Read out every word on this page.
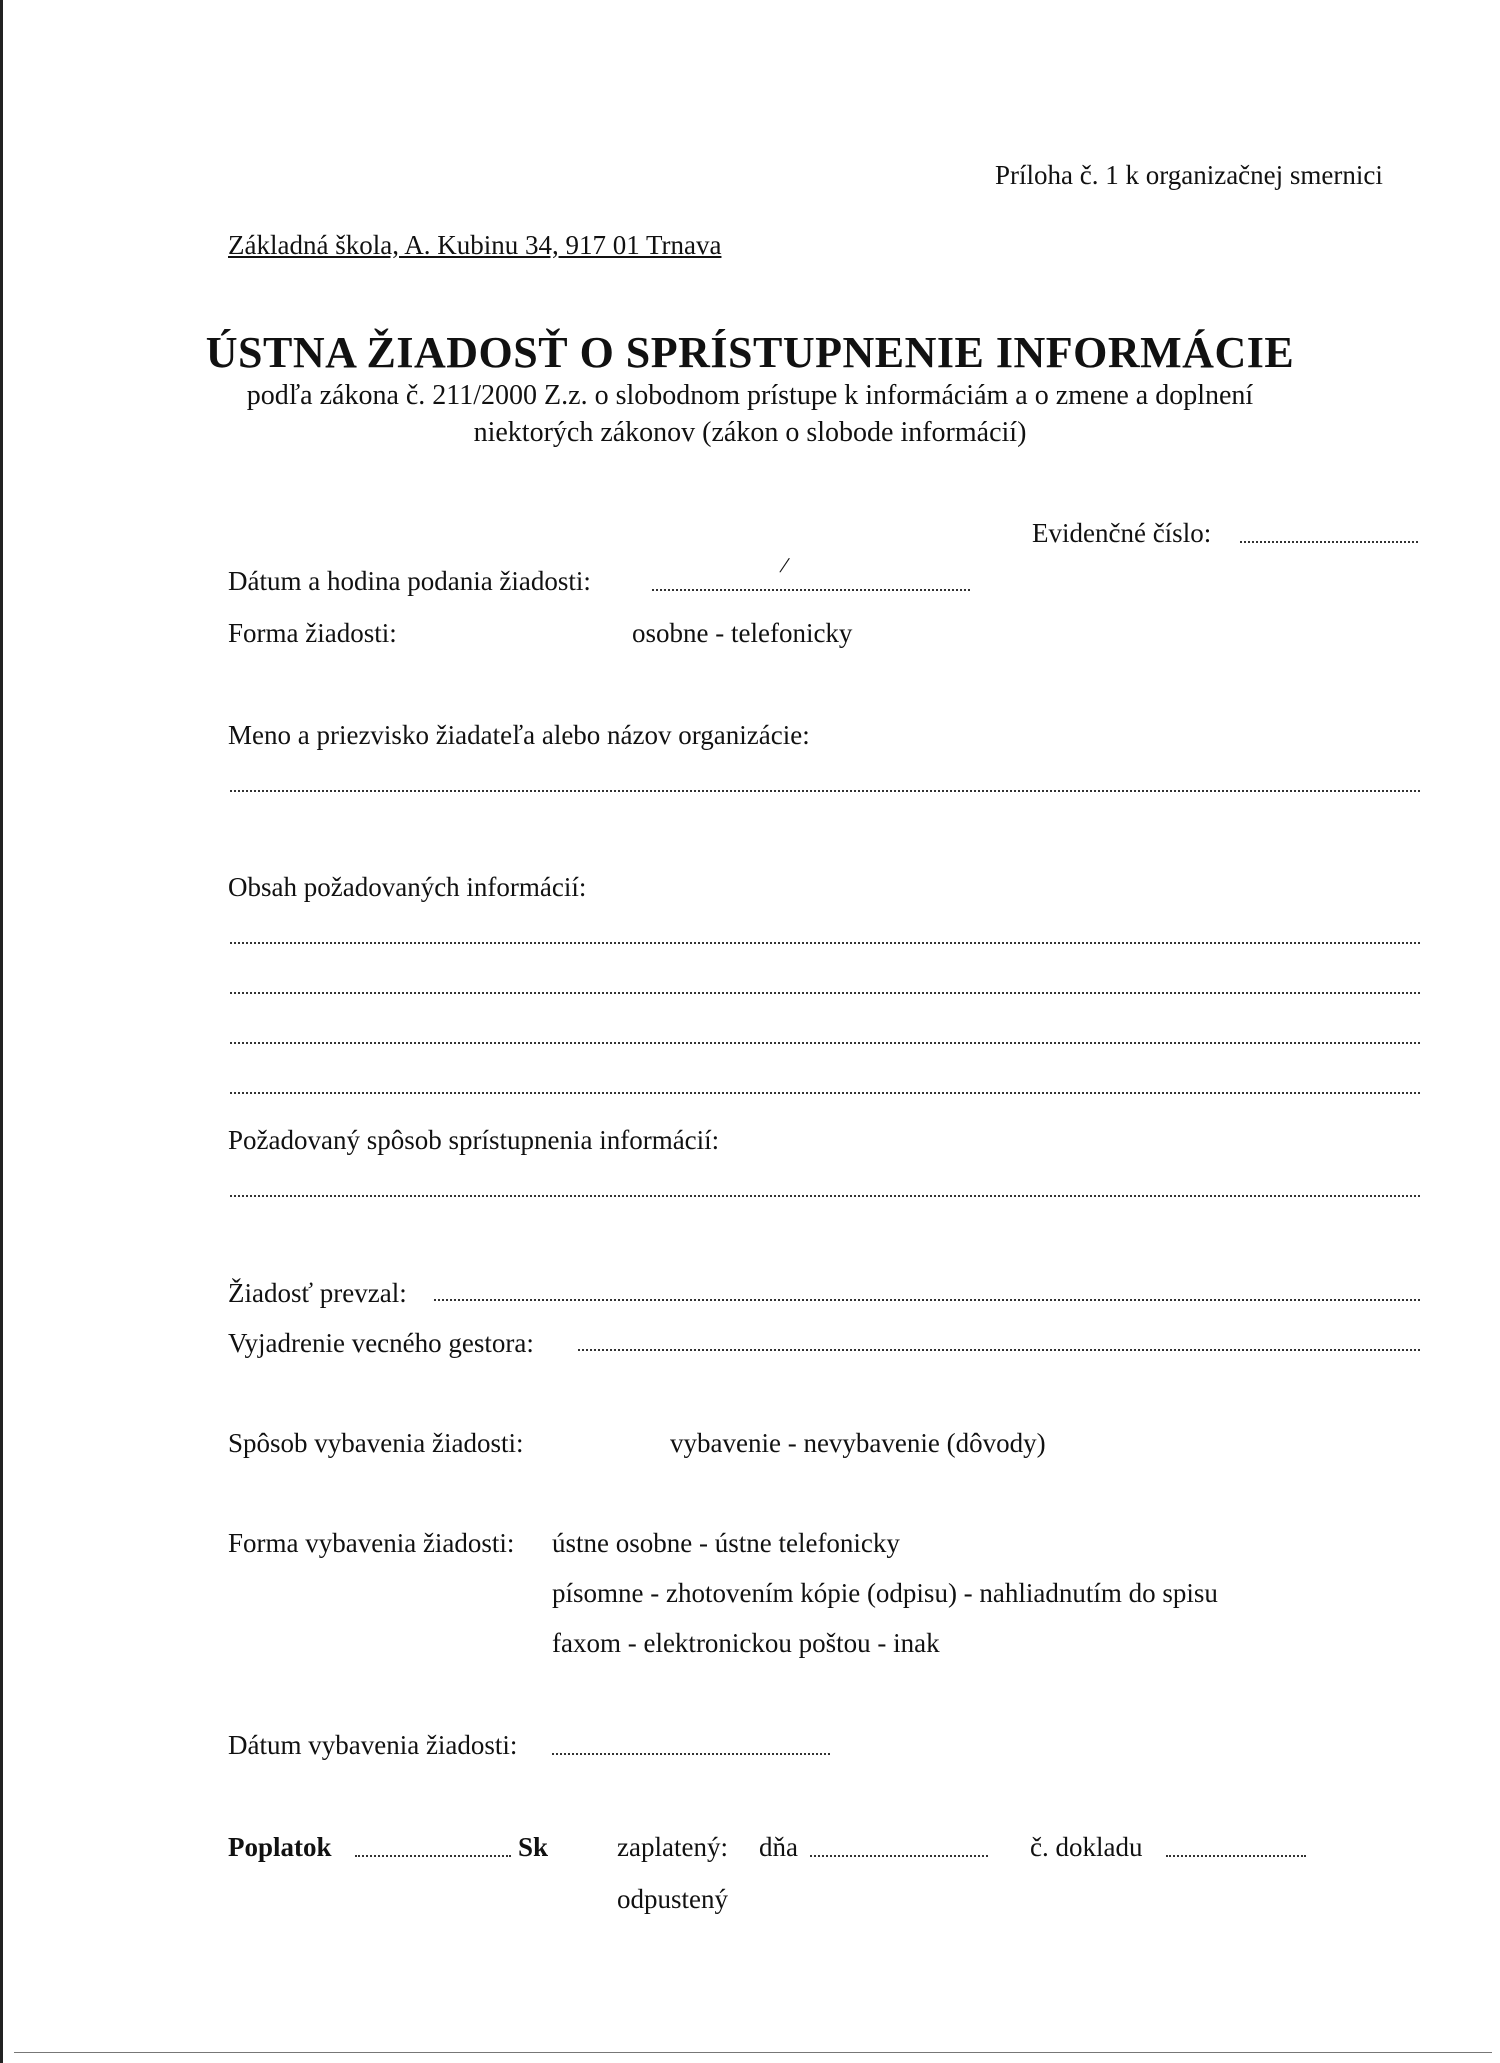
Príloha č. 1 k organizačnej smernici
Základná škola, A. Kubinu 34, 917 01 Trnava
ÚSTNA ŽIADOSŤ O SPRÍSTUPNENIE INFORMÁCIE
podľa zákona č. 211/2000 Z.z. o slobodnom prístupe k informáciám a o zmene a doplnení
niektorých zákonov (zákon o slobode informácií)
Evidenčné číslo:
Dátum a hodina podania žiadosti:	/
Forma žiadosti:	osobne - telefonicky
Meno a priezvisko žiadateľa alebo názov organizácie:
Obsah požadovaných informácií:
Požadovaný spôsob sprístupnenia informácií:
Žiadosť prevzal:
Vyjadrenie vecného gestora:
Spôsob vybavenia žiadosti:	vybavenie - nevybavenie (dôvody)
Forma vybavenia žiadosti: ústne osobne - ústne telefonicky
písomne - zhotovením kópie (odpisu) - nahliadnutím do spisu
faxom - elektronickou poštou - inak
Dátum vybavenia žiadosti:
Poplatok	Sk	zaplatený: dňa	č. dokladu
odpustený
